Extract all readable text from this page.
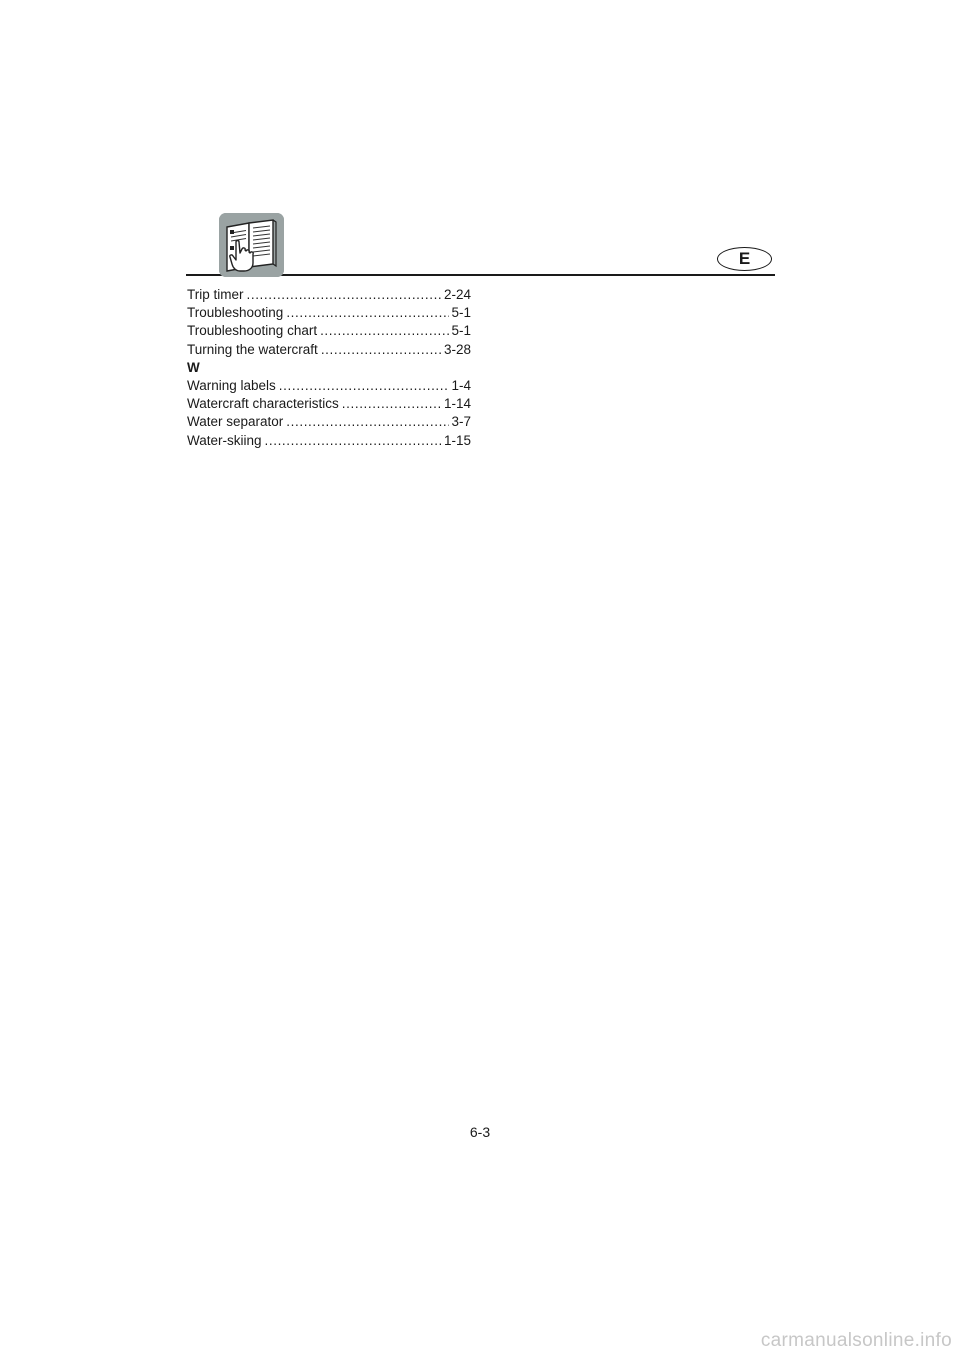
E
Trip timer .....	2-24
Troubleshooting .....	5-1
Troubleshooting chart .....	5-1
Turning the watercraft .....	3-28
W
Warning labels .....	1-4
Watercraft characteristics .....	1-14
Water separator .....	3-7
Water-skiing .....	1-15
6-3
carmanualsonline.info
